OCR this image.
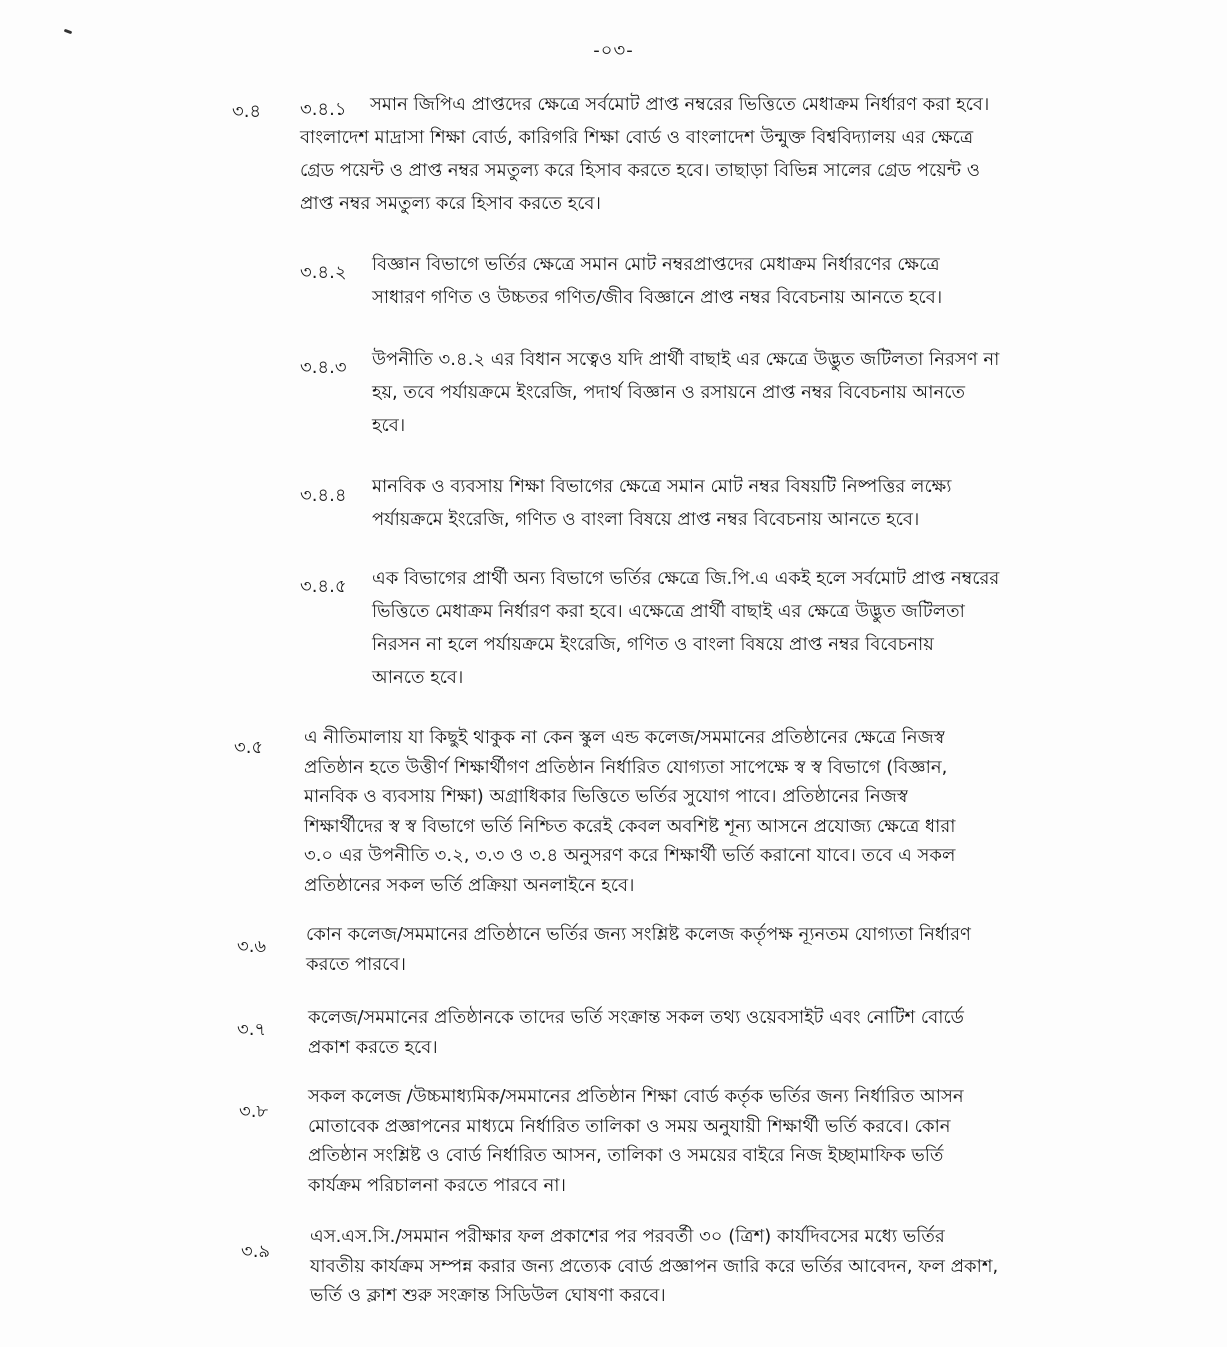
-০৩-
৩.৪ ৩.৪.১	সমান জিপিএ প্রাপ্তদের ক্ষেত্রে সর্বমোট প্রাপ্ত নম্বরের ভিত্তিতে মেধাক্রম নির্ধারণ করা হবে।
বাংলাদেশ মাদ্রাসা শিক্ষা বোর্ড, কারিগরি শিক্ষা বোর্ড ও বাংলাদেশ উন্মুক্ত বিশ্ববিদ্যালয় এর ক্ষেত্রে
গ্রেড পয়েন্ট ও প্রাপ্ত নম্বর সমতুল্য করে হিসাব করতে হবে। তাছাড়া বিভিন্ন সালের গ্রেড পয়েন্ট ও
প্রাপ্ত নম্বর সমতুল্য করে হিসাব করতে হবে।
৩.৪.২ বিজ্ঞান বিভাগে ভর্তির ক্ষেত্রে সমান মোট নম্বরপ্রাপ্তদের মেধাক্রম নির্ধারণের ক্ষেত্রে
সাধারণ গণিত ও উচ্চতর গণিত/জীব বিজ্ঞানে প্রাপ্ত নম্বর বিবেচনায় আনতে হবে।
৩.৪.৩ উপনীতি ৩.৪.২ এর বিধান সত্বেও যদি প্রার্থী বাছাই এর ক্ষেত্রে উদ্ভুত জটিলতা নিরসণ না
হয়, তবে পর্যায়ক্রমে ইংরেজি, পদার্থ বিজ্ঞান ও রসায়নে প্রাপ্ত নম্বর বিবেচনায় আনতে
হবে।
৩.৪.৪ মানবিক ও ব্যবসায় শিক্ষা বিভাগের ক্ষেত্রে সমান মোট নম্বর বিষয়টি নিষ্পত্তির লক্ষ্যে
পর্যায়ক্রমে ইংরেজি, গণিত ও বাংলা বিষয়ে প্রাপ্ত নম্বর বিবেচনায় আনতে হবে।
৩.৪.৫ এক বিভাগের প্রার্থী অন্য বিভাগে ভর্তির ক্ষেত্রে জি.পি.এ একই হলে সর্বমোট প্রাপ্ত নম্বরের
ভিত্তিতে মেধাক্রম নির্ধারণ করা হবে। এক্ষেত্রে প্রার্থী বাছাই এর ক্ষেত্রে উদ্ভুত জটিলতা
নিরসন না হলে পর্যায়ক্রমে ইংরেজি, গণিত ও বাংলা বিষয়ে প্রাপ্ত নম্বর বিবেচনায়
আনতে হবে।
৩.৫ এ নীতিমালায় যা কিছুই থাকুক না কেন স্কুল এন্ড কলেজ/সমমানের প্রতিষ্ঠানের ক্ষেত্রে নিজস্ব
প্রতিষ্ঠান হতে উত্তীর্ণ শিক্ষার্থীগণ প্রতিষ্ঠান নির্ধারিত যোগ্যতা সাপেক্ষে স্ব স্ব বিভাগে (বিজ্ঞান,
মানবিক ও ব্যবসায় শিক্ষা) অগ্রাধিকার ভিত্তিতে ভর্তির সুযোগ পাবে। প্রতিষ্ঠানের নিজস্ব
শিক্ষার্থীদের স্ব স্ব বিভাগে ভর্তি নিশ্চিত করেই কেবল অবশিষ্ট শূন্য আসনে প্রযোজ্য ক্ষেত্রে ধারা
৩.০ এর উপনীতি ৩.২, ৩.৩ ও ৩.৪ অনুসরণ করে শিক্ষার্থী ভর্তি করানো যাবে। তবে এ সকল
প্রতিষ্ঠানের সকল ভর্তি প্রক্রিয়া অনলাইনে হবে।
৩.৬
কোন কলেজ/সমমানের প্রতিষ্ঠানে ভর্তির জন্য সংশ্লিষ্ট কলেজ কর্তৃপক্ষ ন্যূনতম যোগ্যতা নির্ধারণ
করতে পারবে।
৩.৭
কলেজ/সমমানের প্রতিষ্ঠানকে তাদের ভর্তি সংক্রান্ত সকল তথ্য ওয়েবসাইট এবং নোটিশ বোর্ডে
প্রকাশ করতে হবে।
৩.৮
সকল কলেজ /উচ্চমাধ্যমিক/সমমানের প্রতিষ্ঠান শিক্ষা বোর্ড কর্তৃক ভর্তির জন্য নির্ধারিত আসন
মোতাবেক প্রজ্ঞাপনের মাধ্যমে নির্ধারিত তালিকা ও সময় অনুযায়ী শিক্ষার্থী ভর্তি করবে। কোন
প্রতিষ্ঠান সংশ্লিষ্ট ও বোর্ড নির্ধারিত আসন, তালিকা ও সময়ের বাইরে নিজ ইচ্ছামাফিক ভর্তি
কার্যক্রম পরিচালনা করতে পারবে না।
৩.৯
এস.এস.সি./সমমান পরীক্ষার ফল প্রকাশের পর পরবর্তী ৩০ (ত্রিশ) কার্যদিবসের মধ্যে ভর্তির
যাবতীয় কার্যক্রম সম্পন্ন করার জন্য প্রত্যেক বোর্ড প্রজ্ঞাপন জারি করে ভর্তির আবেদন, ফল প্রকাশ,
ভর্তি ও ক্লাশ শুরু সংক্রান্ত সিডিউল ঘোষণা করবে।
